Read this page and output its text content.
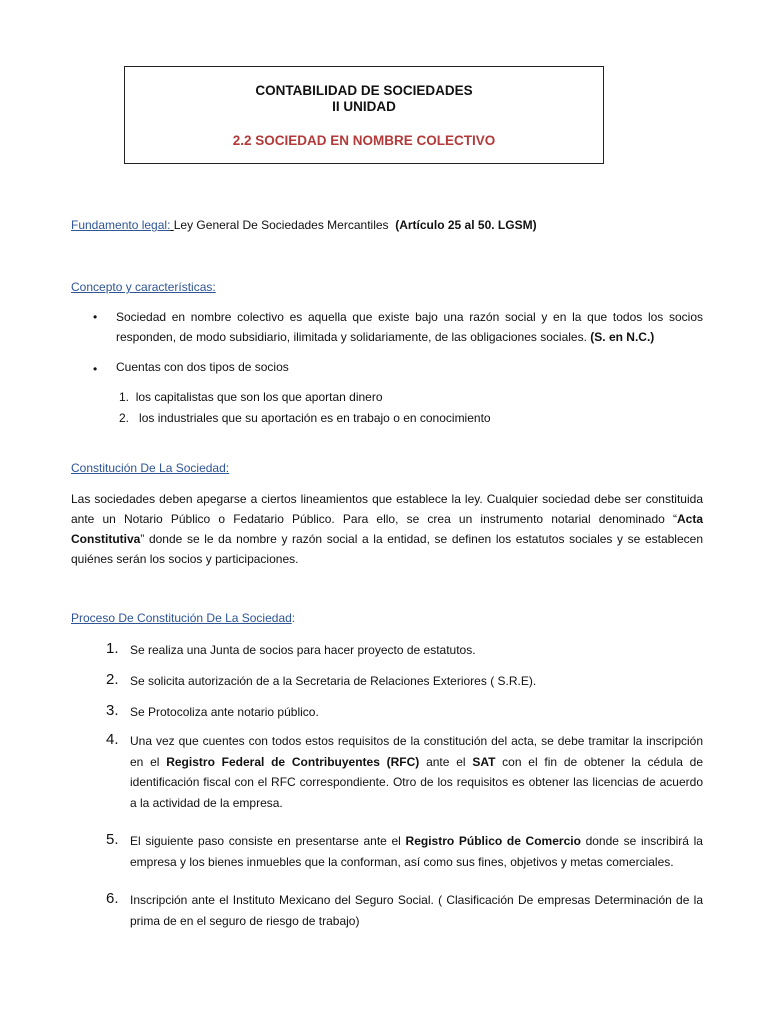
CONTABILIDAD DE SOCIEDADES
II UNIDAD
2.2 SOCIEDAD EN NOMBRE COLECTIVO
Fundamento legal: Ley General De Sociedades Mercantiles (Artículo 25 al 50. LGSM)
Concepto y características:
• Sociedad en nombre colectivo es aquella que existe bajo una razón social y en la que todos los socios responden, de modo subsidiario, ilimitada y solidariamente, de las obligaciones sociales. (S. en N.C.)
• Cuentas con dos tipos de socios
1. los capitalistas que son los que aportan dinero
2. los industriales que su aportación es en trabajo o en conocimiento
Constitución De La Sociedad:
Las sociedades deben apegarse a ciertos lineamientos que establece la ley. Cualquier sociedad debe ser constituida ante un Notario Público o Fedatario Público. Para ello, se crea un instrumento notarial denominado “Acta Constitutiva” donde se le da nombre y razón social a la entidad, se definen los estatutos sociales y se establecen quiénes serán los socios y participaciones.
Proceso De Constitución De La Sociedad:
1. Se realiza una Junta de socios para hacer proyecto de estatutos.
2. Se solicita autorización de a la Secretaria de Relaciones Exteriores ( S.R.E).
3. Se Protocoliza ante notario público.
4. Una vez que cuentes con todos estos requisitos de la constitución del acta, se debe tramitar la inscripción en el Registro Federal de Contribuyentes (RFC) ante el SAT con el fin de obtener la cédula de identificación fiscal con el RFC correspondiente. Otro de los requisitos es obtener las licencias de acuerdo a la actividad de la empresa.
5. El siguiente paso consiste en presentarse ante el Registro Público de Comercio donde se inscribirá la empresa y los bienes inmuebles que la conforman, así como sus fines, objetivos y metas comerciales.
6. Inscripción ante el Instituto Mexicano del Seguro Social. ( Clasificación De empresas Determinación de la prima de en el seguro de riesgo de trabajo)
